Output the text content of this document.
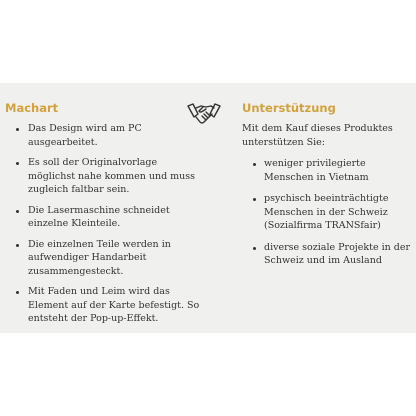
Machart
Das Design wird am PC ausgearbeitet.
Es soll der Originalvorlage möglichst nahe kommen und muss zugleich faltbar sein.
Die Lasermaschine schneidet einzelne Kleinteile.
Die einzelnen Teile werden in aufwendiger Handarbeit zusammengesteckt.
Mit Faden und Leim wird das Element auf der Karte befestigt. So entsteht der Pop-up-Effekt.
Unterstützung

Mit dem Kauf dieses Produktes unterstützen Sie:

weniger privilegierte Menschen in Vietnam
psychisch beeinträchtigte Menschen in der Schweiz (Sozialfirma TRANSfair)
diverse soziale Projekte in der Schweiz und im Ausland
